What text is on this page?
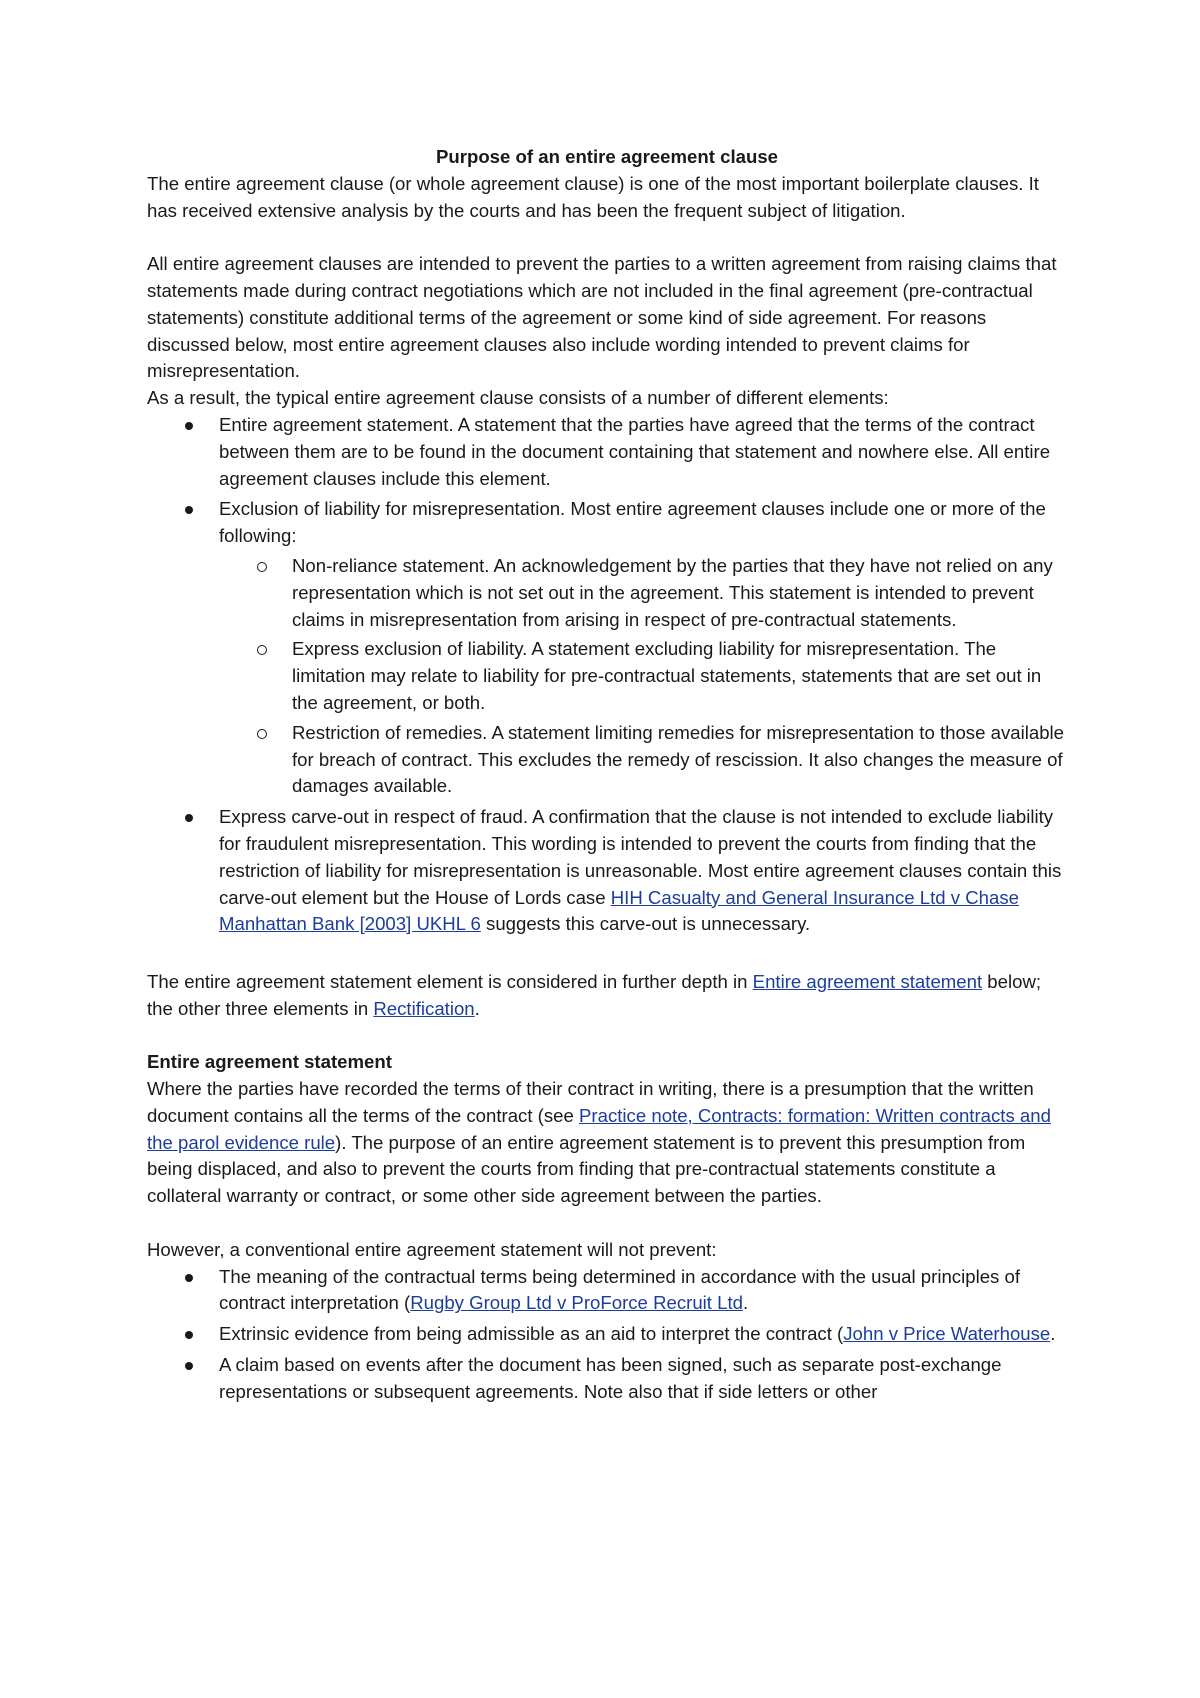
Purpose of an entire agreement clause

The entire agreement clause (or whole agreement clause) is one of the most important boilerplate clauses. It has received extensive analysis by the courts and has been the frequent subject of litigation.

All entire agreement clauses are intended to prevent the parties to a written agreement from raising claims that statements made during contract negotiations which are not included in the final agreement (pre-contractual statements) constitute additional terms of the agreement or some kind of side agreement. For reasons discussed below, most entire agreement clauses also include wording intended to prevent claims for misrepresentation.

As a result, the typical entire agreement clause consists of a number of different elements:

Entire agreement statement. A statement that the parties have agreed that the terms of the contract between them are to be found in the document containing that statement and nowhere else. All entire agreement clauses include this element.
Exclusion of liability for misrepresentation. Most entire agreement clauses include one or more of the following:
Non-reliance statement. An acknowledgement by the parties that they have not relied on any representation which is not set out in the agreement. This statement is intended to prevent claims in misrepresentation from arising in respect of pre-contractual statements.
Express exclusion of liability. A statement excluding liability for misrepresentation. The limitation may relate to liability for pre-contractual statements, statements that are set out in the agreement, or both.
Restriction of remedies. A statement limiting remedies for misrepresentation to those available for breach of contract. This excludes the remedy of rescission. It also changes the measure of damages available.
Express carve-out in respect of fraud. A confirmation that the clause is not intended to exclude liability for fraudulent misrepresentation. This wording is intended to prevent the courts from finding that the restriction of liability for misrepresentation is unreasonable. Most entire agreement clauses contain this carve-out element but the House of Lords case HIH Casualty and General Insurance Ltd v Chase Manhattan Bank [2003] UKHL 6 suggests this carve-out is unnecessary.

The entire agreement statement element is considered in further depth in Entire agreement statement below; the other three elements in Rectification.

Entire agreement statement

Where the parties have recorded the terms of their contract in writing, there is a presumption that the written document contains all the terms of the contract (see Practice note, Contracts: formation: Written contracts and the parol evidence rule). The purpose of an entire agreement statement is to prevent this presumption from being displaced, and also to prevent the courts from finding that pre-contractual statements constitute a collateral warranty or contract, or some other side agreement between the parties.

However, a conventional entire agreement statement will not prevent:

The meaning of the contractual terms being determined in accordance with the usual principles of contract interpretation (Rugby Group Ltd v ProForce Recruit Ltd.
Extrinsic evidence from being admissible as an aid to interpret the contract (John v Price Waterhouse.
A claim based on events after the document has been signed, such as separate post-exchange representations or subsequent agreements. Note also that if side letters or other
